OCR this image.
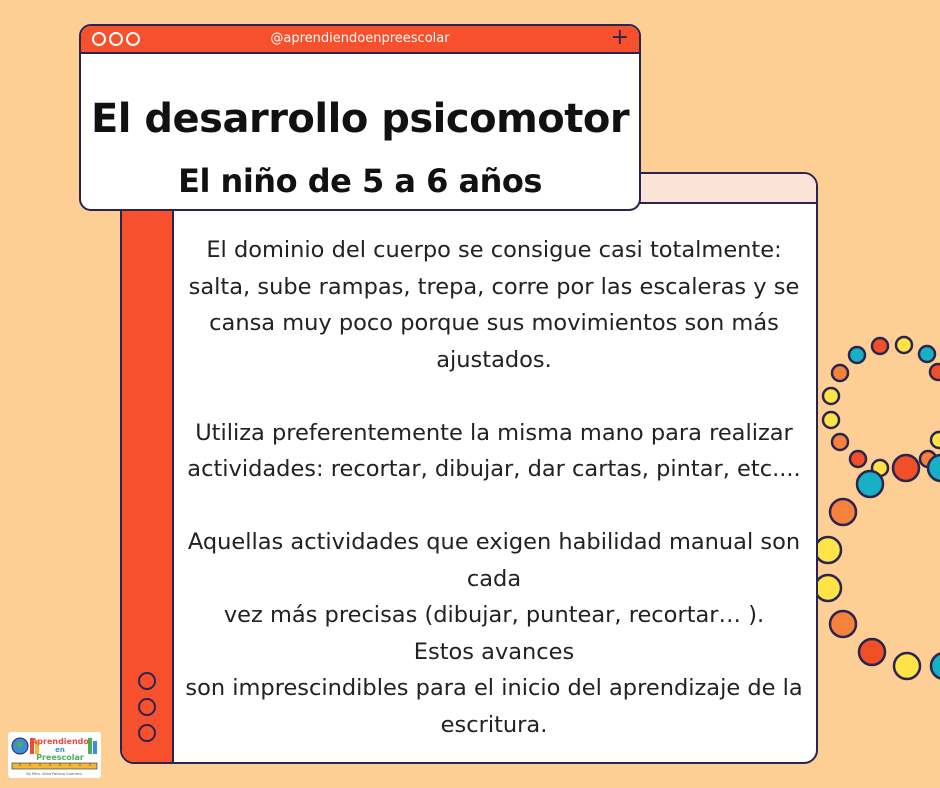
El dominio del cuerpo se consigue casi totalmente:

salta, sube rampas, trepa, corre por las escaleras y se

cansa muy poco porque sus movimientos son más

ajustados.

Utiliza preferentemente la misma mano para realizar

actividades: recortar, dibujar, dar cartas, pintar, etc....

Aquellas actividades que exigen habilidad manual son

cada

vez más precisas (dibujar, puntear, recortar… ).

Estos avances

son imprescindibles para el inicio del aprendizaje de la

escritura.

@aprendiendoenpreescolar	+
El desarrollo psicomotor
El niño de 5 a 6 años
Aprendiendo
en
Preescolar
By Mtra. Alma Patricia Guerrero
